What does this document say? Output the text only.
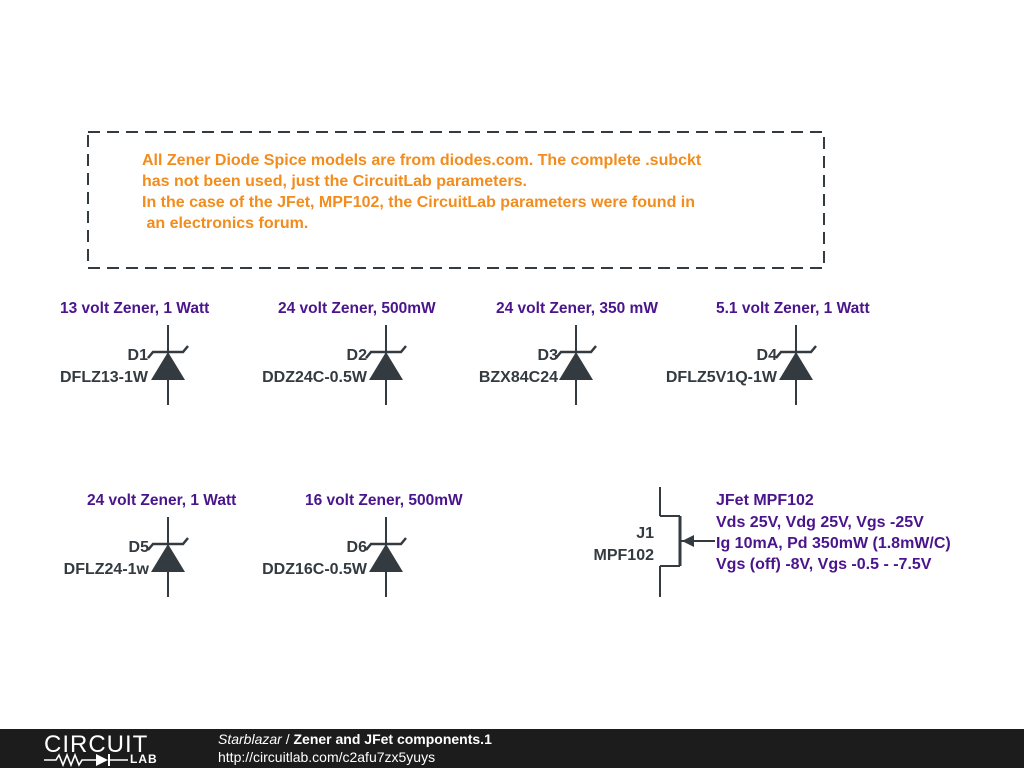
All Zener Diode Spice models are from diodes.com. The complete .subckt
has not been used, just the CircuitLab parameters.
In the case of the JFet, MPF102, the CircuitLab parameters were found in
an electronics forum.
13 volt Zener, 1 Watt
D1
DFLZ13-1W
24 volt Zener, 500mW
D2
DDZ24C-0.5W
24 volt Zener, 350 mW
D3
BZX84C24
5.1 volt Zener, 1 Watt
D4
DFLZ5V1Q-1W
24 volt Zener, 1 Watt
D5
DFLZ24-1w
16 volt Zener, 500mW
D6
DDZ16C-0.5W
J1
MPF102
JFet MPF102
Vds 25V, Vdg 25V, Vgs -25V
Ig 10mA, Pd 350mW (1.8mW/C)
Vgs (off) -8V, Vgs -0.5 - -7.5V
CIRCUIT
LAB
Starblazar / Zener and JFet components.1
http://circuitlab.com/c2afu7zx5yuys
